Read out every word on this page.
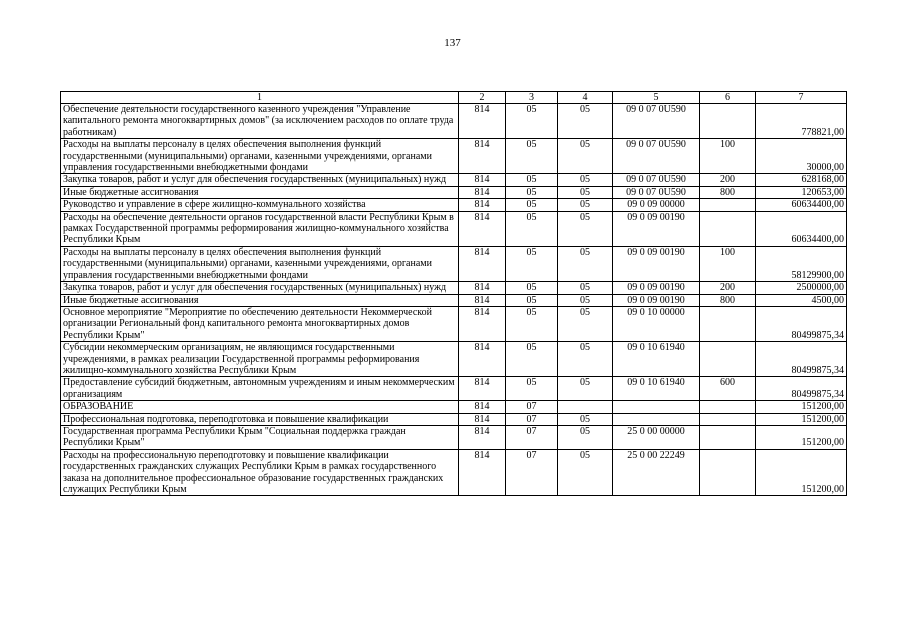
137
1	2	3	4	5	6	7
Обеспечение деятельности государственного казенного учреждения "Управление капитального ремонта многоквартирных домов" (за исключением расходов по оплате труда работникам)	814	05	05	09 0 07 0U590		778821,00
Расходы на выплаты персоналу в целях обеспечения выполнения функций государственными (муниципальными) органами, казенными учреждениями, органами управления государственными внебюджетными фондами	814	05	05	09 0 07 0U590	100	30000,00
Закупка товаров, работ и услуг для обеспечения государственных (муниципальных) нужд	814	05	05	09 0 07 0U590	200	628168,00
Иные бюджетные ассигнования	814	05	05	09 0 07 0U590	800	120653,00
Руководство и управление в сфере жилищно-коммунального хозяйства	814	05	05	09 0 09 00000		60634400,00
Расходы на обеспечение деятельности органов государственной власти Республики Крым в рамках Государственной программы реформирования жилищно-коммунального хозяйства Республики Крым	814	05	05	09 0 09 00190		60634400,00
Расходы на выплаты персоналу в целях обеспечения выполнения функций государственными (муниципальными) органами, казенными учреждениями, органами управления государственными внебюджетными фондами	814	05	05	09 0 09 00190	100	58129900,00
Закупка товаров, работ и услуг для обеспечения государственных (муниципальных) нужд	814	05	05	09 0 09 00190	200	2500000,00
Иные бюджетные ассигнования	814	05	05	09 0 09 00190	800	4500,00
Основное мероприятие "Мероприятие по обеспечению деятельности Некоммерческой организации Региональный фонд капитального ремонта многоквартирных домов Республики Крым"	814	05	05	09 0 10 00000		80499875,34
Субсидии некоммерческим организациям, не являющимся государственными учреждениями, в рамках реализации Государственной программы реформирования жилищно-коммунального хозяйства Республики Крым	814	05	05	09 0 10 61940		80499875,34
Предоставление субсидий бюджетным, автономным учреждениям и иным некоммерческим организациям	814	05	05	09 0 10 61940	600	80499875,34
ОБРАЗОВАНИЕ	814	07				151200,00
Профессиональная подготовка, переподготовка и повышение квалификации	814	07	05			151200,00
Государственная программа Республики Крым "Социальная поддержка граждан Республики Крым"	814	07	05	25 0 00 00000		151200,00
Расходы на профессиональную переподготовку и повышение квалификации государственных гражданских служащих Республики Крым в рамках государственного заказа на дополнительное профессиональное образование государственных гражданских служащих Республики Крым	814	07	05	25 0 00 22249		151200,00
